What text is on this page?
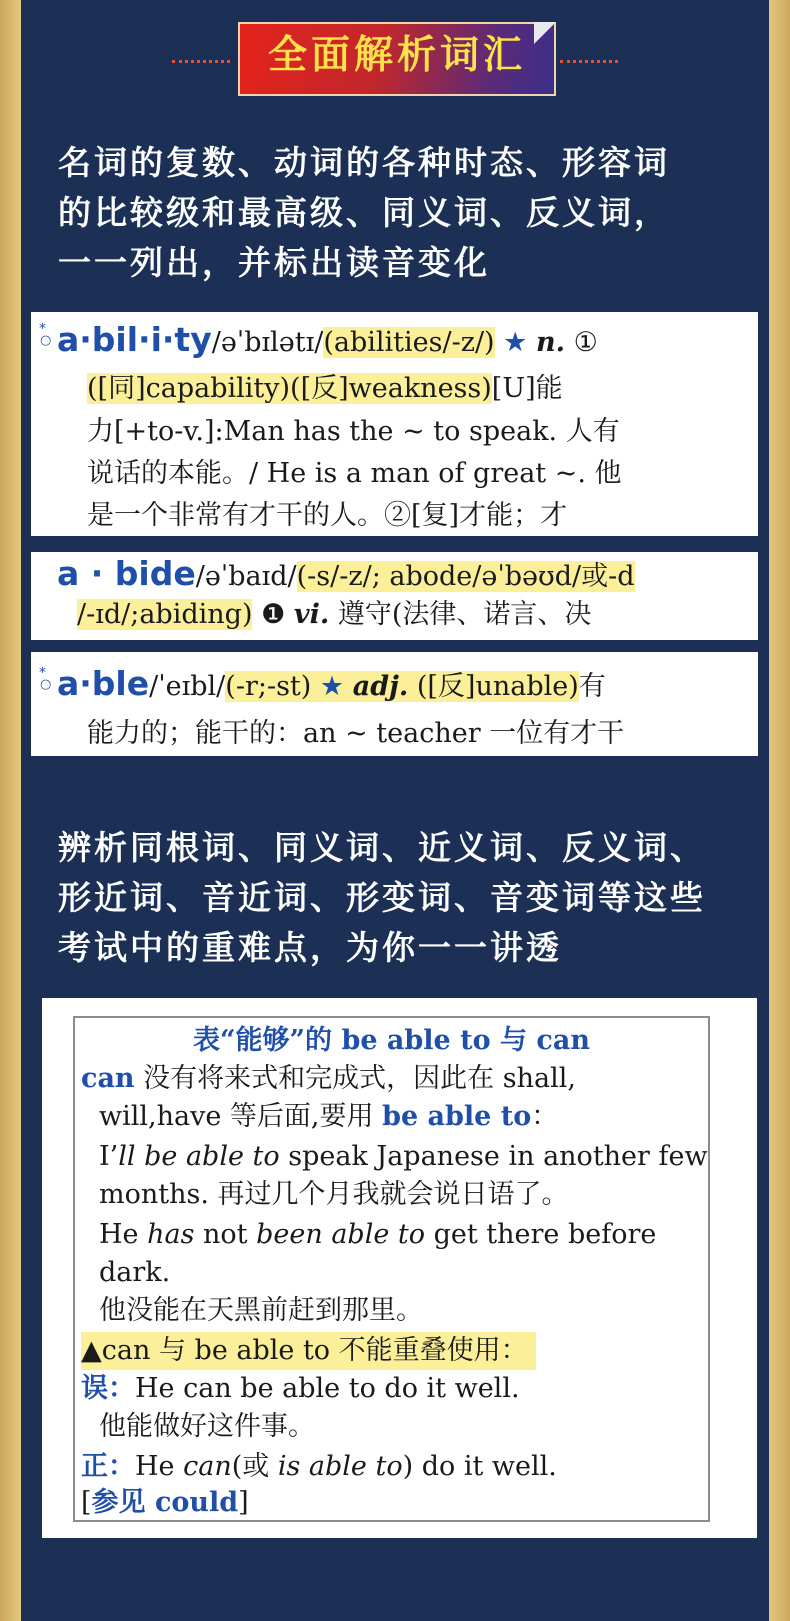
全面解析词汇
名词的复数、动词的各种时态、形容词
的比较级和最高级、同义词、反义词，
一一列出，并标出读音变化
*
○ a·bil·i·ty/əˈbɪlətɪ/(abilities/-z/) ★ n. ①
([同]capability)([反]weakness)[U]能
力[+to-v.]:Man has the ~ to speak. 人有
说话的本能。/ He is a man of great ~. 他
是一个非常有才干的人。②[复]才能；才
a · bide/əˈbaɪd/(-s/-z/; abode/əˈbəʊd/或-d
/-ɪd/;abiding) ❶ vi. 遵守(法律、诺言、决
*
○ a·ble/ˈeɪbl/(-r;-st) ★ adj. ([反]unable)有
能力的；能干的：an ~ teacher 一位有才干
辨析同根词、同义词、近义词、反义词、
形近词、音近词、形变词、音变词等这些
考试中的重难点，为你一一讲透
表“能够”的 be able to 与 can
can 没有将来式和完成式，因此在 shall,
will,have 等后面,要用 be able to：
I’ll be able to speak Japanese in another few
months. 再过几个月我就会说日语了。
He has not been able to get there before
dark.
他没能在天黑前赶到那里。
▲can 与 be able to 不能重叠使用：
误：He can be able to do it well.
他能做好这件事。
正：He can(或 is able to) do it well.
[参见 could]
